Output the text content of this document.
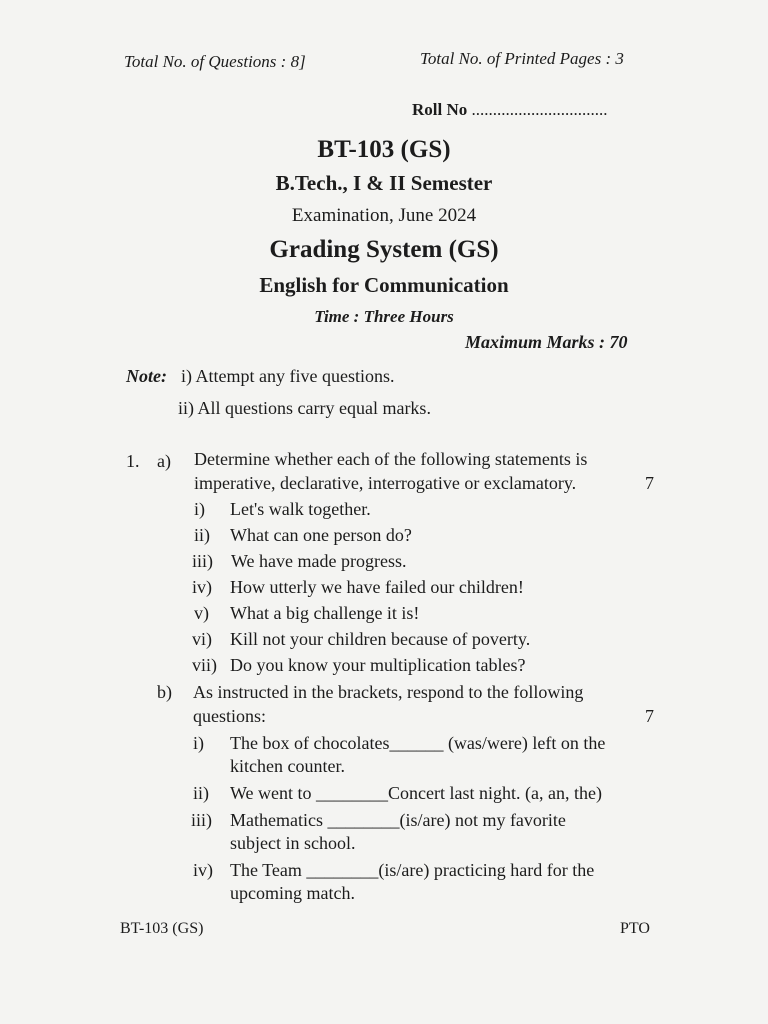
Total No. of Questions : 8]	Total No. of Printed Pages : 3
Roll No ................................
BT-103 (GS)
B.Tech., I & II Semester
Examination, June 2024
Grading System (GS)
English for Communication
Time : Three Hours
Maximum Marks : 70
Note: i) Attempt any five questions.
ii) All questions carry equal marks.
1. a) Determine whether each of the following statements is
imperative, declarative, interrogative or exclamatory.	7
i) Let's walk together.
ii) What can one person do?
iii) We have made progress.
iv) How utterly we have failed our children!
v) What a big challenge it is!
vi) Kill not your children because of poverty.
vii) Do you know your multiplication tables?
b) As instructed in the brackets, respond to the following
questions:	7
i) The box of chocolates______ (was/were) left on the
kitchen counter.
ii) We went to ________Concert last night. (a, an, the)
iii) Mathematics ________(is/are) not my favorite
subject in school.
iv) The Team ________(is/are) practicing hard for the
upcoming match.
BT-103 (GS)	PTO
